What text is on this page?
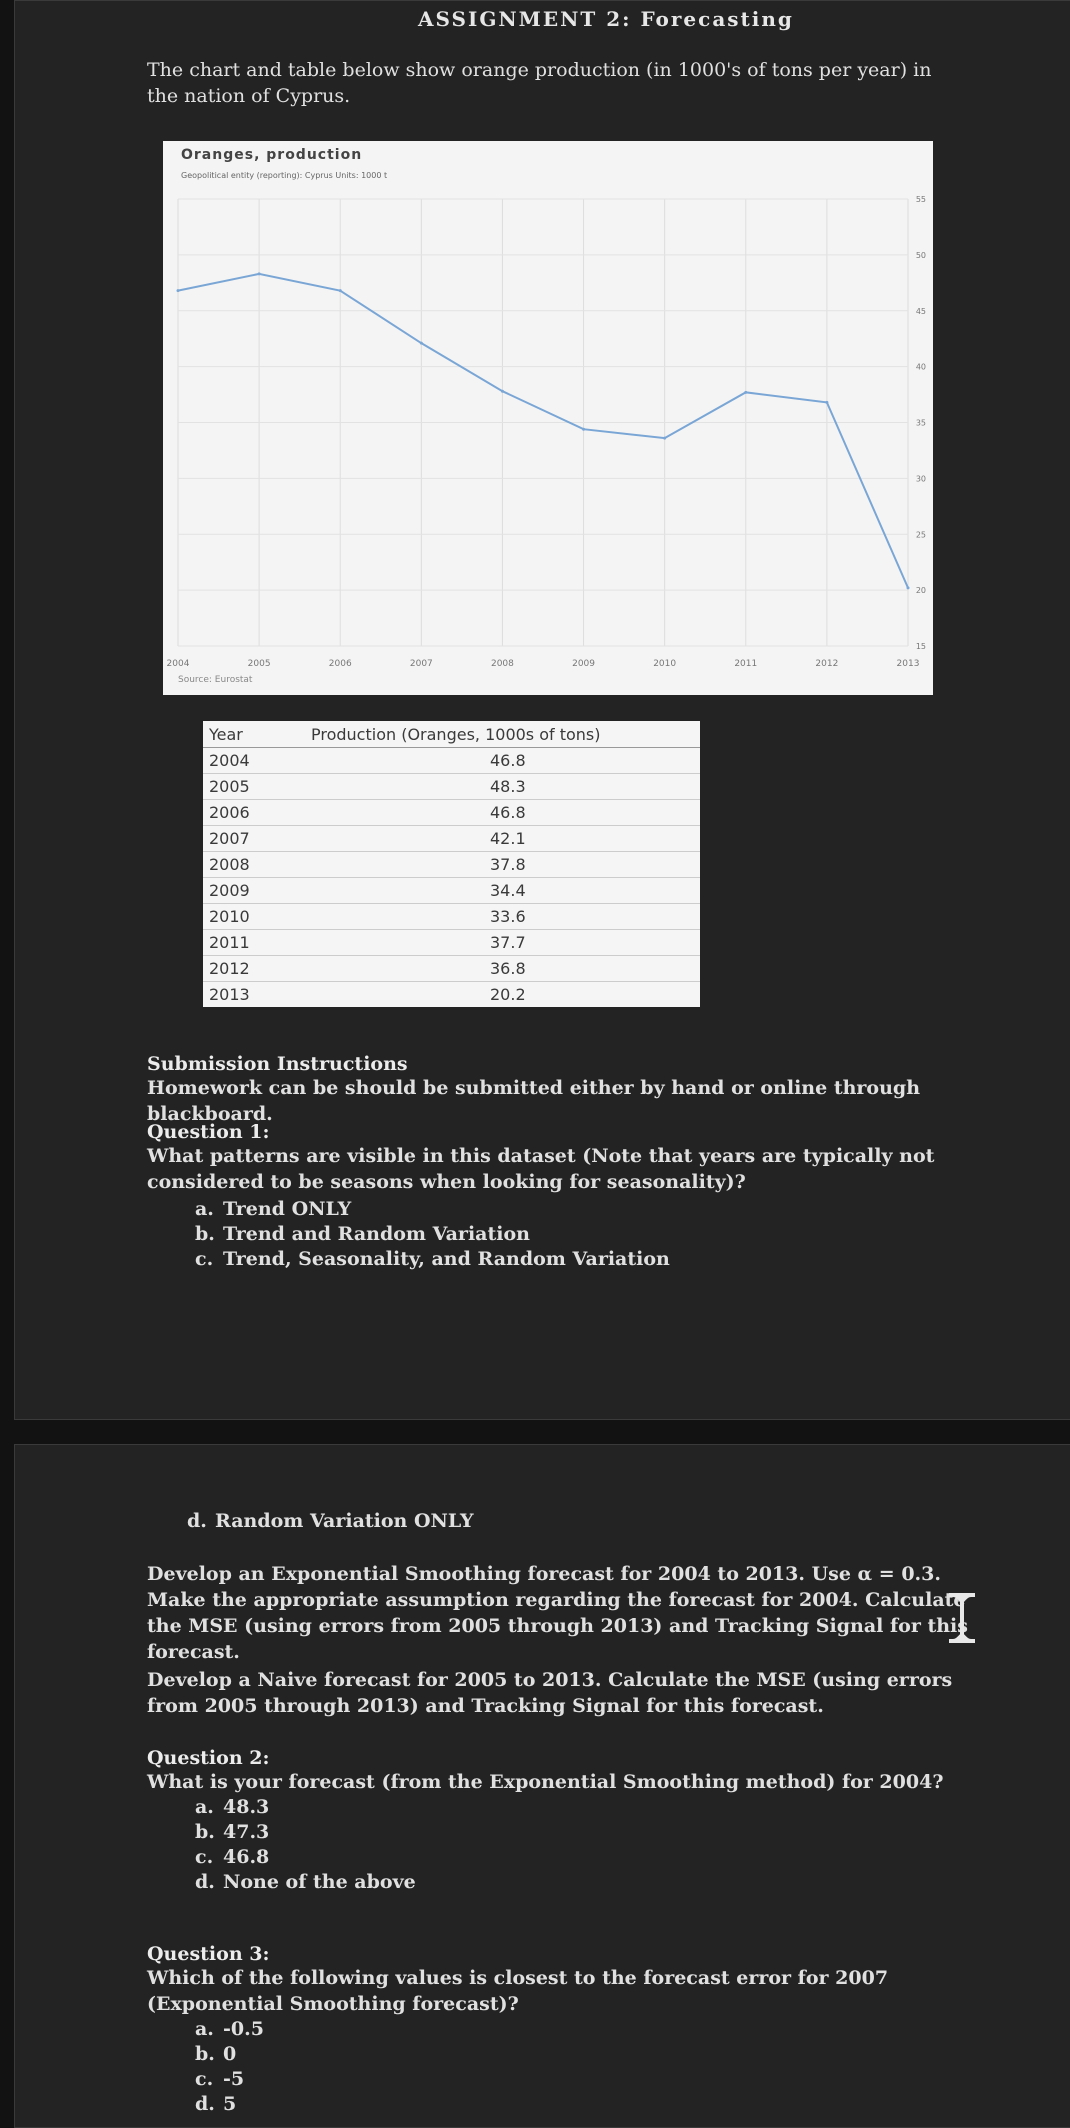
ASSIGNMENT 2: Forecasting
The chart and table below show orange production (in 1000's of tons per year) in the nation of Cyprus.
2004	2005	2006	2007	2008	2009	2010	2011	2012	2013
15
20
25
30
35
40
45
50
55
Source: Eurostat
Oranges, production
Geopolitical entity (reporting): Cyprus Units: 1000 t
Year	Production (Oranges, 1000s of tons)
2004	46.8
2005	48.3
2006	46.8
2007	42.1
2008	37.8
2009	34.4
2010	33.6
2011	37.7
2012	36.8
2013	20.2
Submission Instructions
Homework can be should be submitted either by hand or online through blackboard.
Question 1:
What patterns are visible in this dataset (Note that years are typically not considered to be seasons when looking for seasonality)?
a. Trend ONLY
b. Trend and Random Variation
c. Trend, Seasonality, and Random Variation
d. Random Variation ONLY
Develop an Exponential Smoothing forecast for 2004 to 2013. Use α = 0.3. Make the appropriate assumption regarding the forecast for 2004. Calculate the MSE (using errors from 2005 through 2013) and Tracking Signal for this forecast.
Develop a Naive forecast for 2005 to 2013. Calculate the MSE (using errors from 2005 through 2013) and Tracking Signal for this forecast.
Question 2:
What is your forecast (from the Exponential Smoothing method) for 2004?
a. 48.3
b. 47.3
c. 46.8
d. None of the above
Question 3:
Which of the following values is closest to the forecast error for 2007 (Exponential Smoothing forecast)?
a. -0.5
b. 0
c. -5
d. 5
